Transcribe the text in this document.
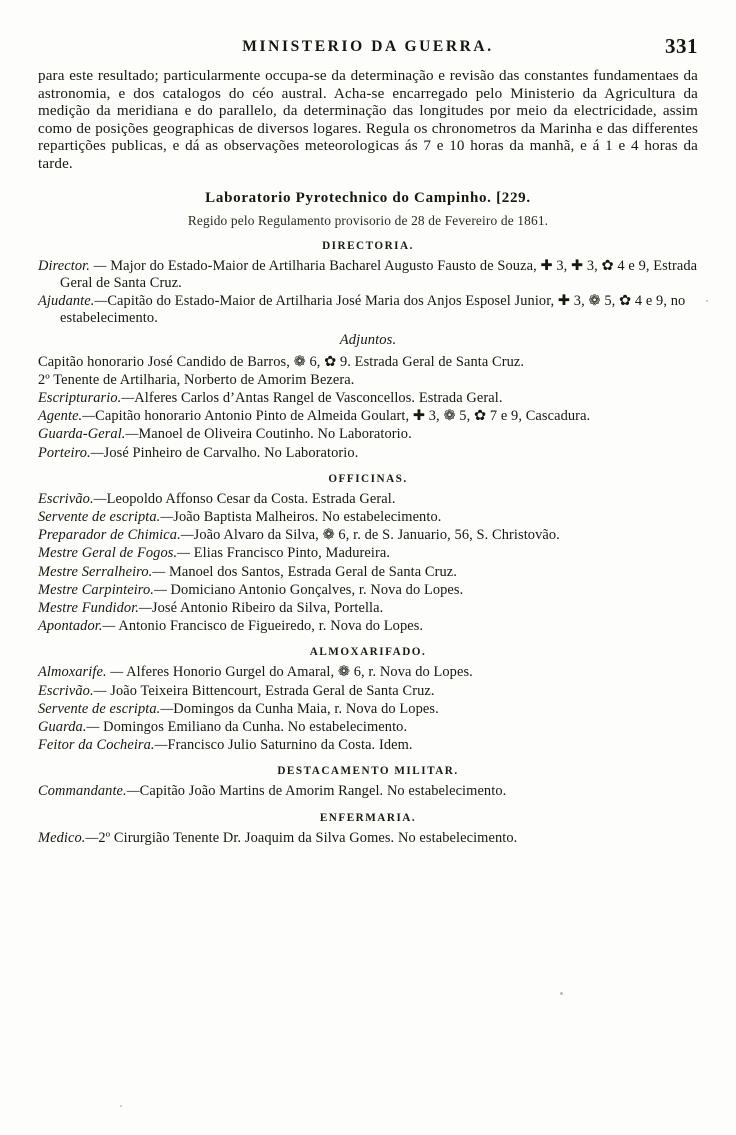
MINISTERIO DA GUERRA.	331

para este resultado; particularmente occupa-se da determinação e revisão das constantes fundamentaes da astronomia, e dos catalogos do céo austral. Acha-se encarregado pelo Ministerio da Agricultura da medição da meridiana e do parallelo, da determinação das longitudes por meio da electricidade, assim como de posições geographicas de diversos logares. Regula os chronometros da Marinha e das differentes repartições publicas, e dá as observações meteorologicas ás 7 e 10 horas da manhã, e á 1 e 4 horas da tarde.

Laboratorio Pyrotechnico do Campinho. [229.
Regido pelo Regulamento provisorio de 28 de Fevereiro de 1861.
DIRECTORIA.
Director. — Major do Estado-Maior de Artilharia Bacharel Augusto Fausto de Souza, ✚ 3, ✚ 3, ✿ 4 e 9, Estrada Geral de Santa Cruz.
Ajudante.—Capitão do Estado-Maior de Artilharia José Maria dos Anjos Esposel Junior, ✚ 3, ❁ 5, ✿ 4 e 9, no estabelecimento.
Adjuntos.
Capitão honorario José Candido de Barros, ❁ 6, ✿ 9. Estrada Geral de Santa Cruz.
2º Tenente de Artilharia, Norberto de Amorim Bezera.
Escripturario.—Alferes Carlos d’Antas Rangel de Vasconcellos. Estrada Geral.
Agente.—Capitão honorario Antonio Pinto de Almeida Goulart, ✚ 3, ❁ 5, ✿ 7 e 9, Cascadura.
Guarda-Geral.—Manoel de Oliveira Coutinho. No Laboratorio.
Porteiro.—José Pinheiro de Carvalho. No Laboratorio.
OFFICINAS.
Escrivão.—Leopoldo Affonso Cesar da Costa. Estrada Geral.
Servente de escripta.—João Baptista Malheiros. No estabelecimento.
Preparador de Chimica.—João Alvaro da Silva, ❁ 6, r. de S. Januario, 56, S. Christovão.
Mestre Geral de Fogos.— Elias Francisco Pinto, Madureira.
Mestre Serralheiro.— Manoel dos Santos, Estrada Geral de Santa Cruz.
Mestre Carpinteiro.— Domiciano Antonio Gonçalves, r. Nova do Lopes.
Mestre Fundidor.—José Antonio Ribeiro da Silva, Portella.
Apontador.— Antonio Francisco de Figueiredo, r. Nova do Lopes.
ALMOXARIFADO.
Almoxarife. — Alferes Honorio Gurgel do Amaral, ❁ 6, r. Nova do Lopes.
Escrivão.— João Teixeira Bittencourt, Estrada Geral de Santa Cruz.
Servente de escripta.—Domingos da Cunha Maia, r. Nova do Lopes.
Guarda.— Domingos Emiliano da Cunha. No estabelecimento.
Feitor da Cocheira.—Francisco Julio Saturnino da Costa. Idem.
DESTACAMENTO MILITAR.
Commandante.—Capitão João Martins de Amorim Rangel. No estabelecimento.
ENFERMARIA.
Medico.—2º Cirurgião Tenente Dr. Joaquim da Silva Gomes. No estabelecimento.
